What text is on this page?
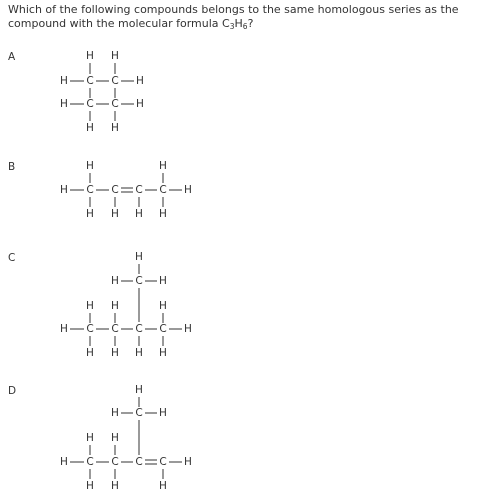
Which of the following compounds belongs to the same homologous series as the compound with the molecular formula $C_3H_6$?
A	H H
H C C H
H C C H
H H
B	H	H
H C C C C H
H H H H
C	H
H C H
H H	H
H C C C C H
H H H H
D	H
H C H
H H
H C C C C H
H H	H
